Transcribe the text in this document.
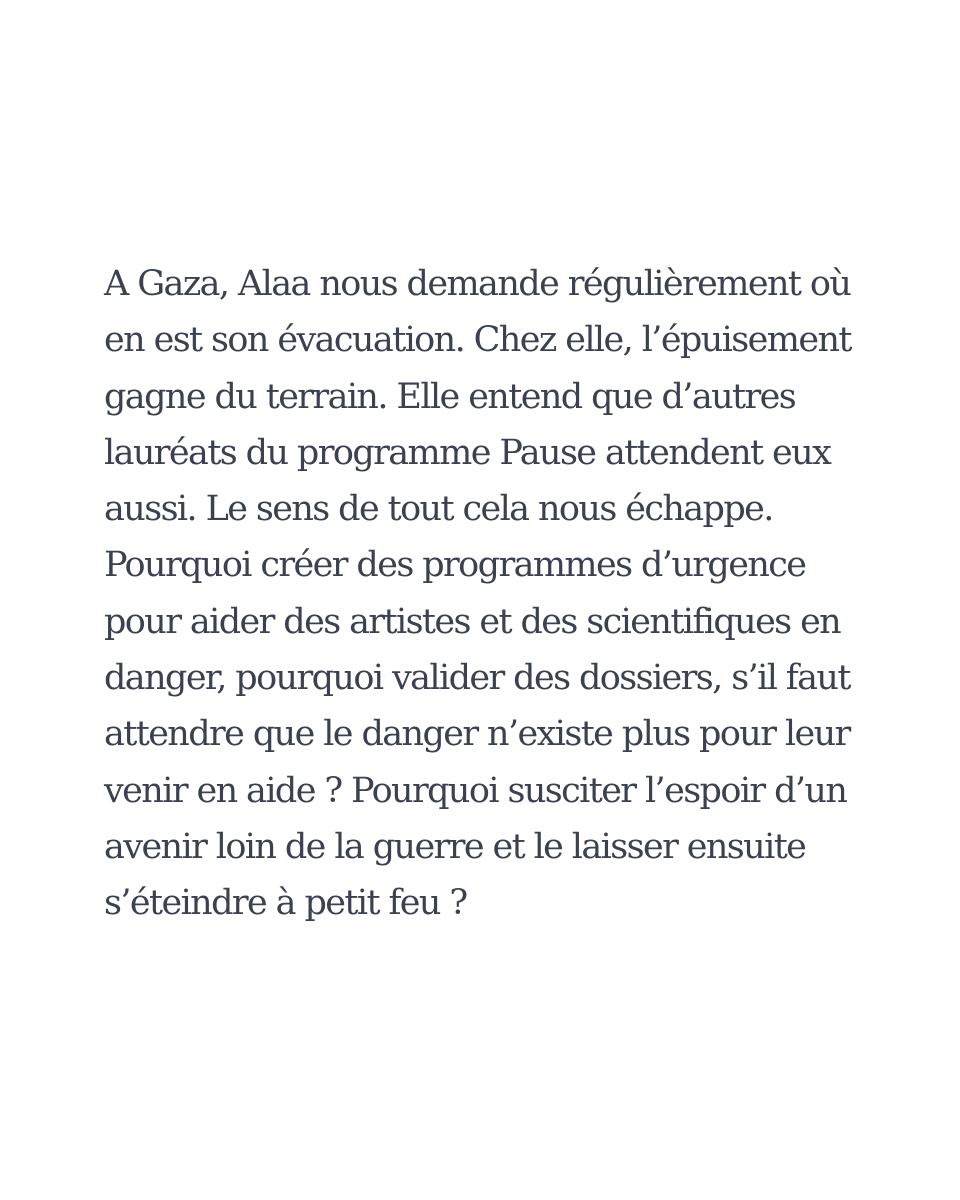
A Gaza, Alaa nous demande régulièrement où
en est son évacuation. Chez elle, l’épuisement
gagne du terrain. Elle entend que d’autres
lauréats du programme Pause attendent eux
aussi. Le sens de tout cela nous échappe.
Pourquoi créer des programmes d’urgence
pour aider des artistes et des scientifiques en
danger, pourquoi valider des dossiers, s’il faut
attendre que le danger n’existe plus pour leur
venir en aide ? Pourquoi susciter l’espoir d’un
avenir loin de la guerre et le laisser ensuite
s’éteindre à petit feu ?
